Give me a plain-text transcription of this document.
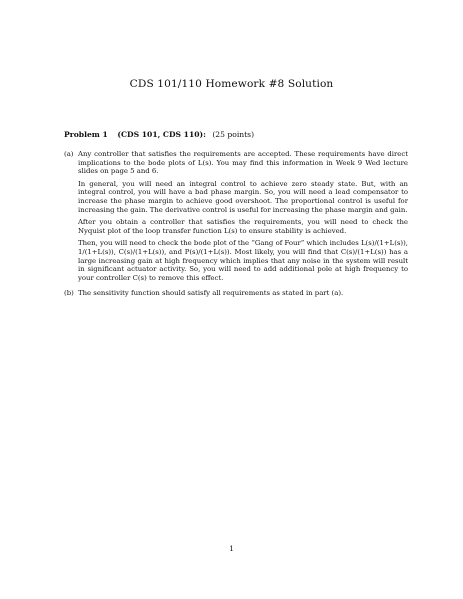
CDS 101/110 Homework #8 Solution
Problem 1 (CDS 101, CDS 110): (25 points)
(a) Any controller that satisfies the requirements are accepted. These requirements have direct implications to the bode plots of L(s). You may find this information in Week 9 Wed lecture slides on page 5 and 6.

In general, you will need an integral control to achieve zero steady state. But, with an integral control, you will have a bad phase margin. So, you will need a lead compensator to increase the phase margin to achieve good overshoot. The proportional control is useful for increasing the gain. The derivative control is useful for increasing the phase margin and gain.

After you obtain a controller that satisfies the requirements, you will need to check the Nyquist plot of the loop transfer function L(s) to ensure stability is achieved.

Then, you will need to check the bode plot of the “Gang of Four” which includes L(s)/(1+L(s)), 1/(1+L(s)), C(s)/(1+L(s)), and P(s)/(1+L(s)). Most likely, you will find that C(s)/(1+L(s)) has a large increasing gain at high frequency which implies that any noise in the system will result in significant actuator activity. So, you will need to add additional pole at high frequency to your controller C(s) to remove this effect.

(b) The sensitivity function should satisfy all requirements as stated in part (a).

1
